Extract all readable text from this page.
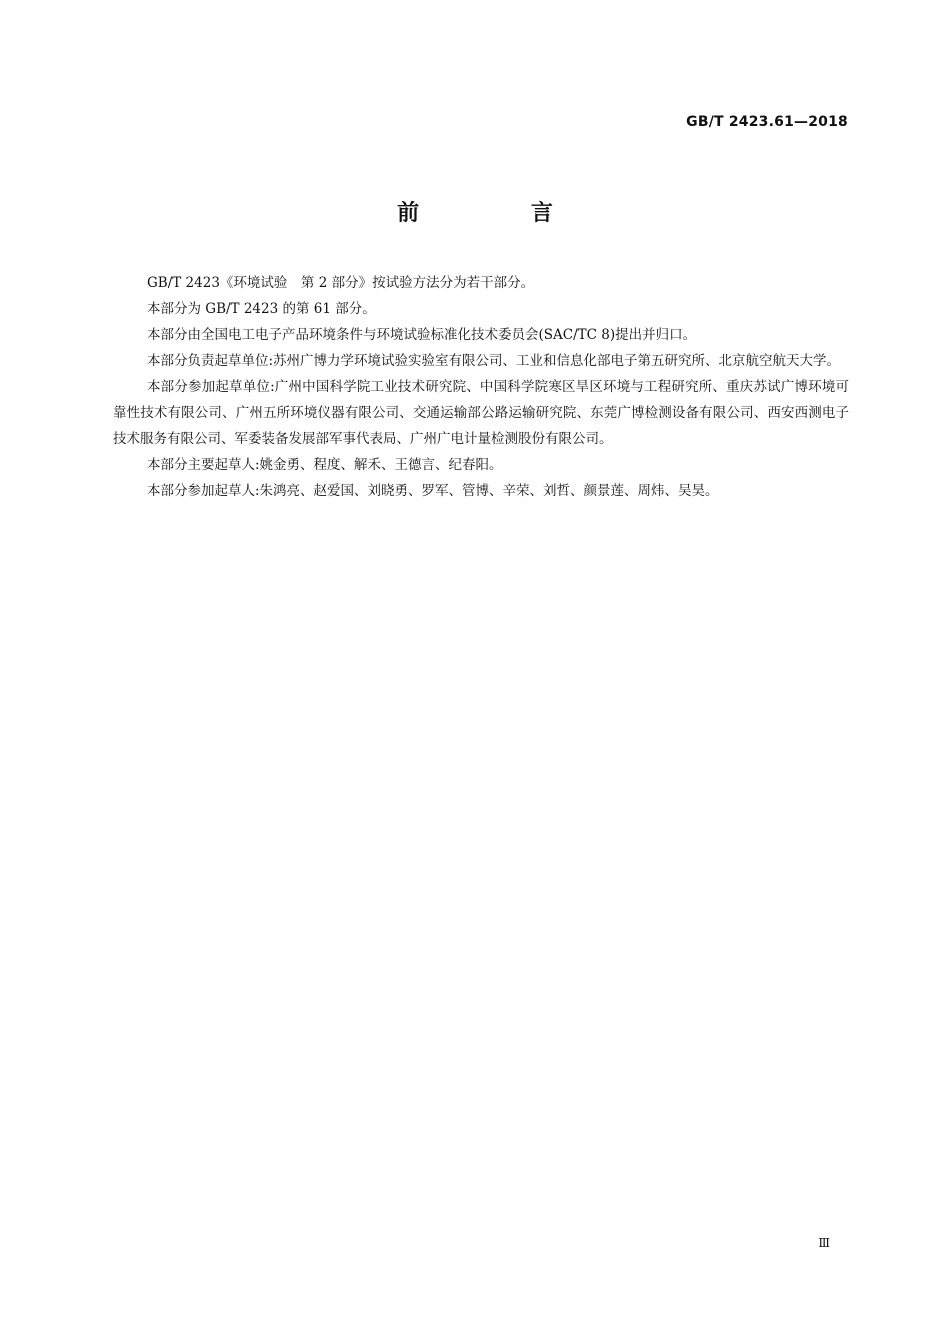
GB/T 2423.61—2018
前 言

GB/T 2423《环境试验　第 2 部分》按试验方法分为若干部分。

本部分为 GB/T 2423 的第 61 部分。

本部分由全国电工电子产品环境条件与环境试验标准化技术委员会(SAC/TC 8)提出并归口。

本部分负责起草单位:苏州广博力学环境试验实验室有限公司、工业和信息化部电子第五研究所、北京航空航天大学。

本部分参加起草单位:广州中国科学院工业技术研究院、中国科学院寒区旱区环境与工程研究所、重庆苏试广博环境可靠性技术有限公司、广州五所环境仪器有限公司、交通运输部公路运输研究院、东莞广博检测设备有限公司、西安西测电子技术服务有限公司、军委装备发展部军事代表局、广州广电计量检测股份有限公司。

本部分主要起草人:姚金勇、程度、解禾、王德言、纪春阳。

本部分参加起草人:朱鸿亮、赵爱国、刘晓勇、罗军、管博、辛荣、刘哲、颜景莲、周炜、吴昊。

Ⅲ
